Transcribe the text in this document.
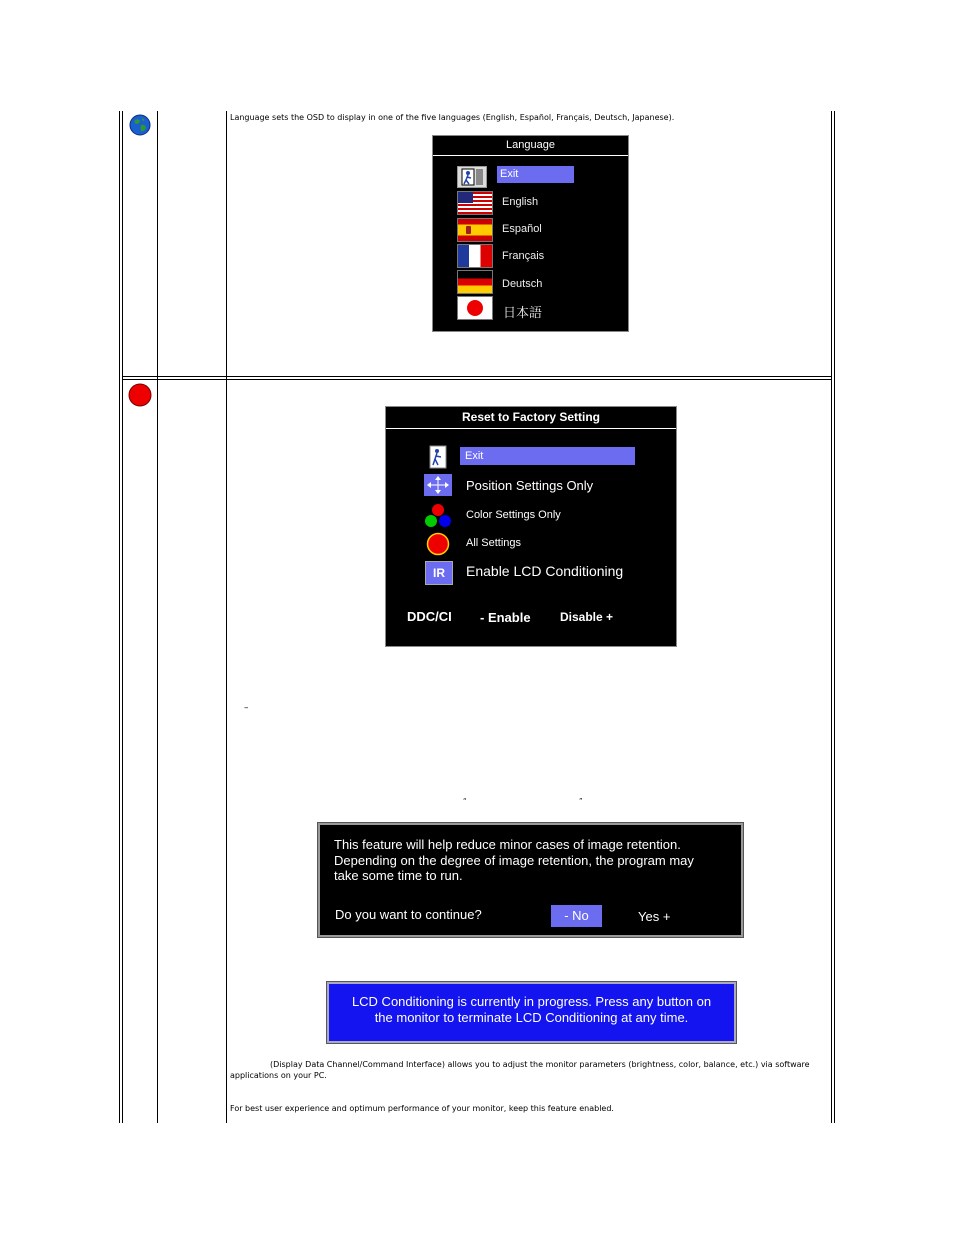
Language sets the OSD to display in one of the five languages (English, Español, Français, Deutsch, Japanese).
Language
Exit
English
Español
Français
Deutsch
日本語
Reset to Factory Setting
Exit
Position Settings Only
Color Settings Only
All Settings
IR	Enable LCD Conditioning
DDC/CI - Enable Disable +
–
“	”
This feature will help reduce minor cases of image retention.
Depending on the degree of image retention, the program may
take some time to run.
Do you want to continue?	- No	Yes +
LCD Conditioning is currently in progress. Press any button on
the monitor to terminate LCD Conditioning at any time.
(Display Data Channel/Command Interface) allows you to adjust the monitor parameters (brightness, color, balance, etc.) via software applications on your PC.
For best user experience and optimum performance of your monitor, keep this feature enabled.
